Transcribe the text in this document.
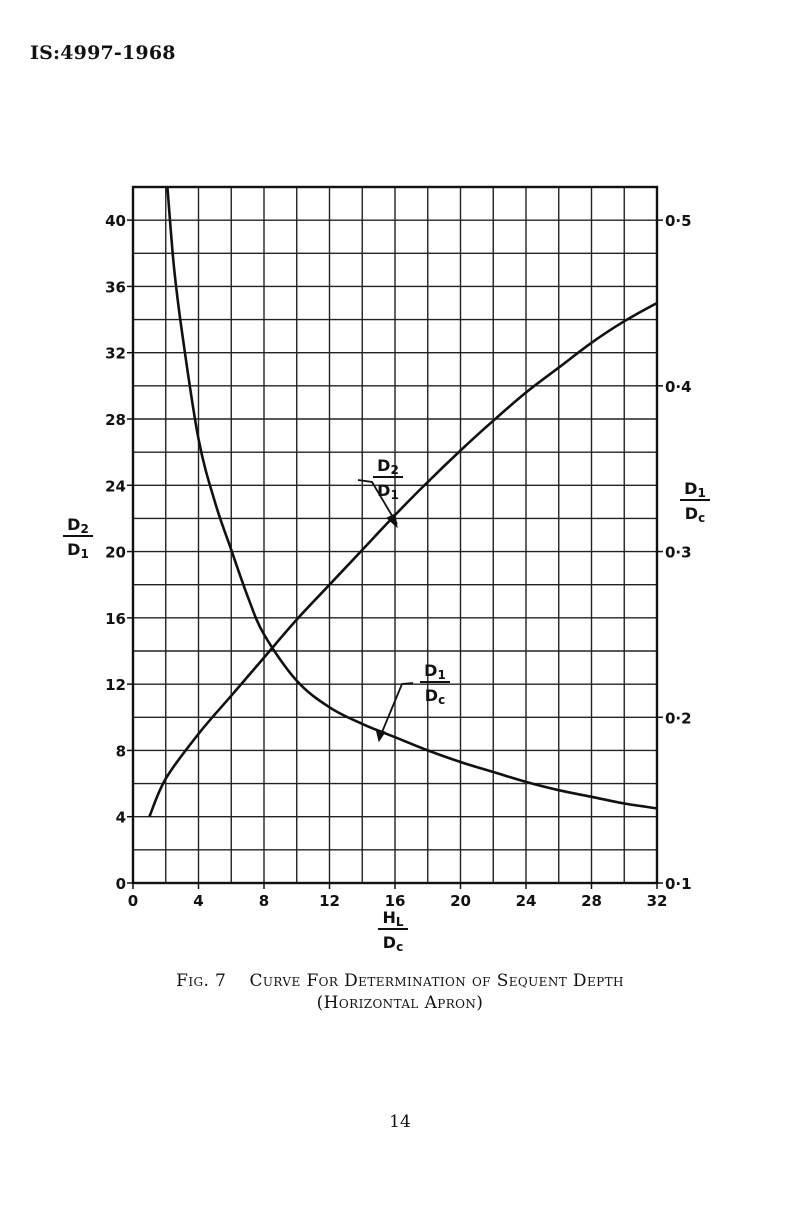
IS:4997-1968
0	4	8	12	16	20	24	28	32
0
4
8
12
16
20
24
28
32
36
40
0·1
0·2
0·3
0·4
0·5
D2
D1
D1
Dc
HL
Dc
D2
D1
D1
Dc
Fig. 7 Curve For Determination of Sequent Depth
(Horizontal Apron)
14
